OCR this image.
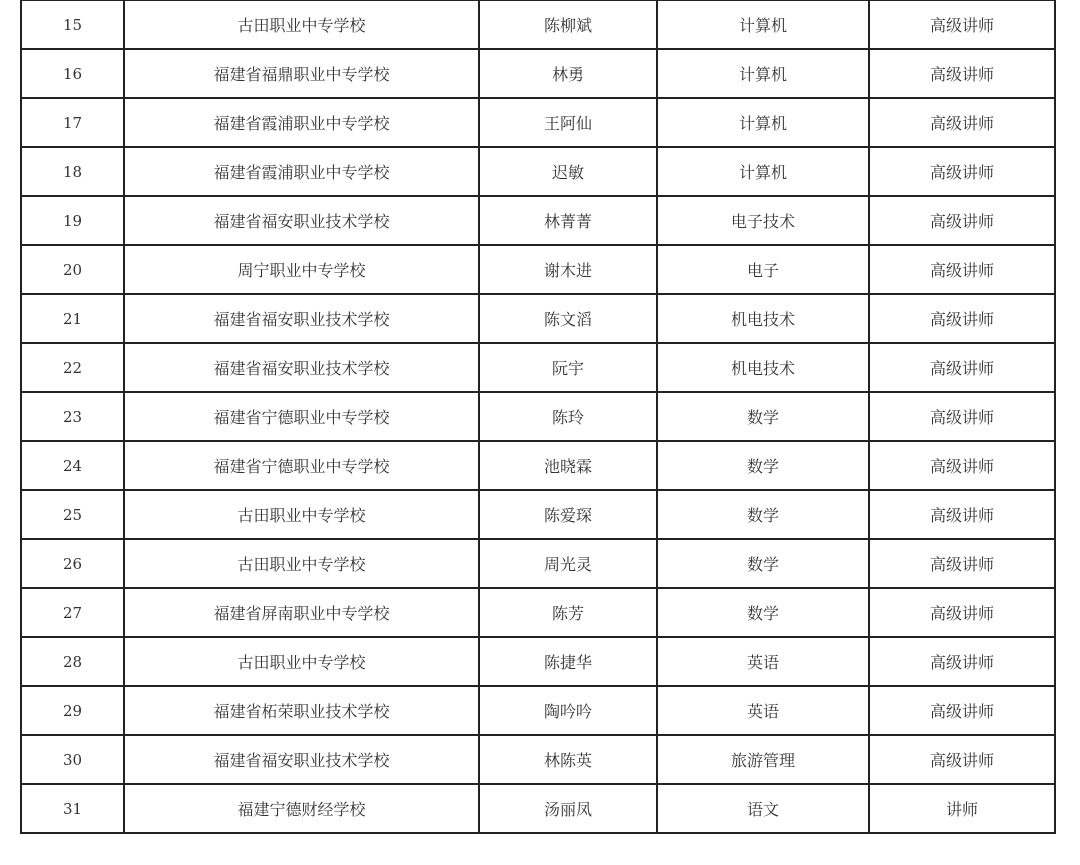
15	古田职业中专学校	陈柳斌	计算机	高级讲师
16	福建省福鼎职业中专学校	林勇	计算机	高级讲师
17	福建省霞浦职业中专学校	王阿仙	计算机	高级讲师
18	福建省霞浦职业中专学校	迟敏	计算机	高级讲师
19	福建省福安职业技术学校	林菁菁	电子技术	高级讲师
20	周宁职业中专学校	谢木进	电子	高级讲师
21	福建省福安职业技术学校	陈文滔	机电技术	高级讲师
22	福建省福安职业技术学校	阮宇	机电技术	高级讲师
23	福建省宁德职业中专学校	陈玲	数学	高级讲师
24	福建省宁德职业中专学校	池晓霖	数学	高级讲师
25	古田职业中专学校	陈爱琛	数学	高级讲师
26	古田职业中专学校	周光灵	数学	高级讲师
27	福建省屏南职业中专学校	陈芳	数学	高级讲师
28	古田职业中专学校	陈捷华	英语	高级讲师
29	福建省柘荣职业技术学校	陶吟吟	英语	高级讲师
30	福建省福安职业技术学校	林陈英	旅游管理	高级讲师
31	福建宁德财经学校	汤丽凤	语文	讲师
